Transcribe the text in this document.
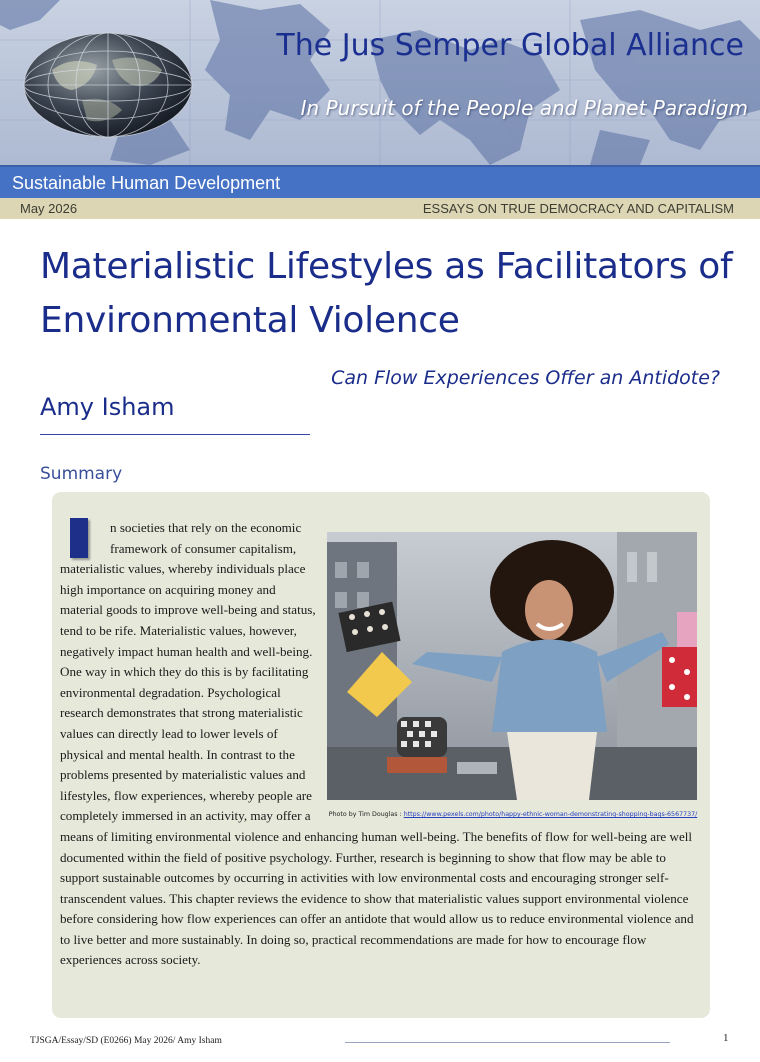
The Jus Semper Global Alliance

In Pursuit of the People and Planet Paradigm

Sustainable Human Development
May 2026	ESSAYS ON TRUE DEMOCRACY AND CAPITALISM
Materialistic Lifestyles as Facilitators of Environmental Violence

Can Flow Experiences Offer an Antidote?

Amy Isham

Summary
Photo by Tim Douglas : https://www.pexels.com/photo/happy-ethnic-woman-demonstrating-shopping-bags-6567737/
n societies that rely on the economic framework of consumer capitalism, materialistic values, whereby individuals place high importance on acquiring money and material goods to improve well-being and status, tend to be rife. Materialistic values, however, negatively impact human health and well-being. One way in which they do this is by facilitating environmental degradation. Psychological research demonstrates that strong materialistic values can directly lead to lower levels of physical and mental health. In contrast to the problems presented by materialistic values and lifestyles, flow experiences, whereby people are completely immersed in an activity, may offer a means of limiting environmental violence and enhancing human well-being. The benefits of flow for well-being are well documented within the field of positive psychology. Further, research is beginning to show that flow may be able to support sustainable outcomes by occurring in activities with low environmental costs and encouraging stronger self-transcendent values. This chapter reviews the evidence to show that materialistic values support environmental violence before considering how flow experiences can offer an antidote that would allow us to reduce environmental violence and to live better and more sustainably. In doing so, practical recommendations are made for how to encourage flow experiences across society.
TJSGA/Essay/SD (E0266) May 2026/ Amy Isham	1
